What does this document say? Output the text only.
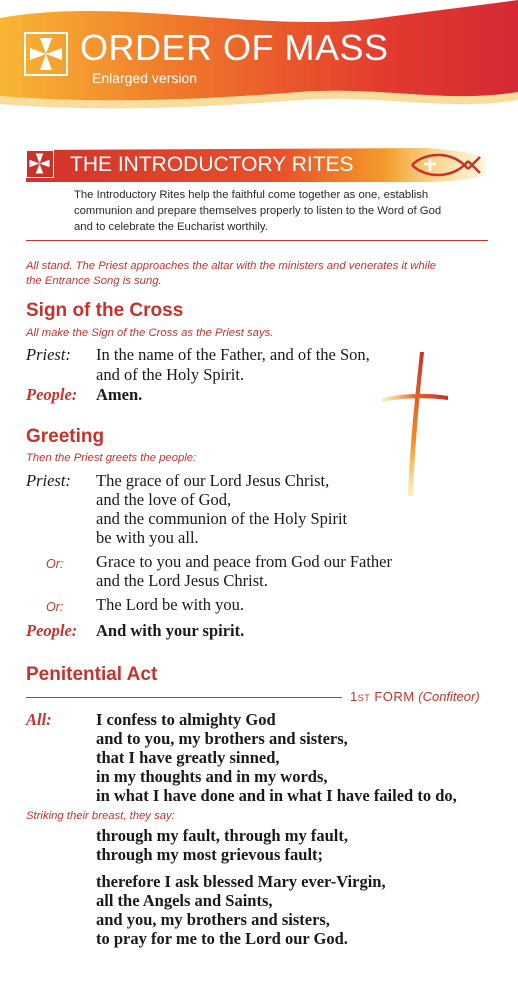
ORDER OF MASS
Enlarged version
THE INTRODUCTORY RITES
The Introductory Rites help the faithful come together as one, establish
communion and prepare themselves properly to listen to the Word of God
and to celebrate the Eucharist worthily.
All stand. The Priest approaches the altar with the ministers and venerates it while
the Entrance Song is sung.
Sign of the Cross
All make the Sign of the Cross as the Priest says.
Priest: In the name of the Father, and of the Son,
and of the Holy Spirit.
People: Amen.
Greeting
Then the Priest greets the people:
Priest: The grace of our Lord Jesus Christ,
and the love of God,
and the communion of the Holy Spirit
be with you all.
Or: Grace to you and peace from God our Father
and the Lord Jesus Christ.
Or: The Lord be with you.
People: And with your spirit.
Penitential Act
1st FORM (Confiteor)
All:	I confess to almighty God
and to you, my brothers and sisters,
that I have greatly sinned,
in my thoughts and in my words,
in what I have done and in what I have failed to do,
Striking their breast, they say:
through my fault, through my fault,
through my most grievous fault;
therefore I ask blessed Mary ever-Virgin,
all the Angels and Saints,
and you, my brothers and sisters,
to pray for me to the Lord our God.
